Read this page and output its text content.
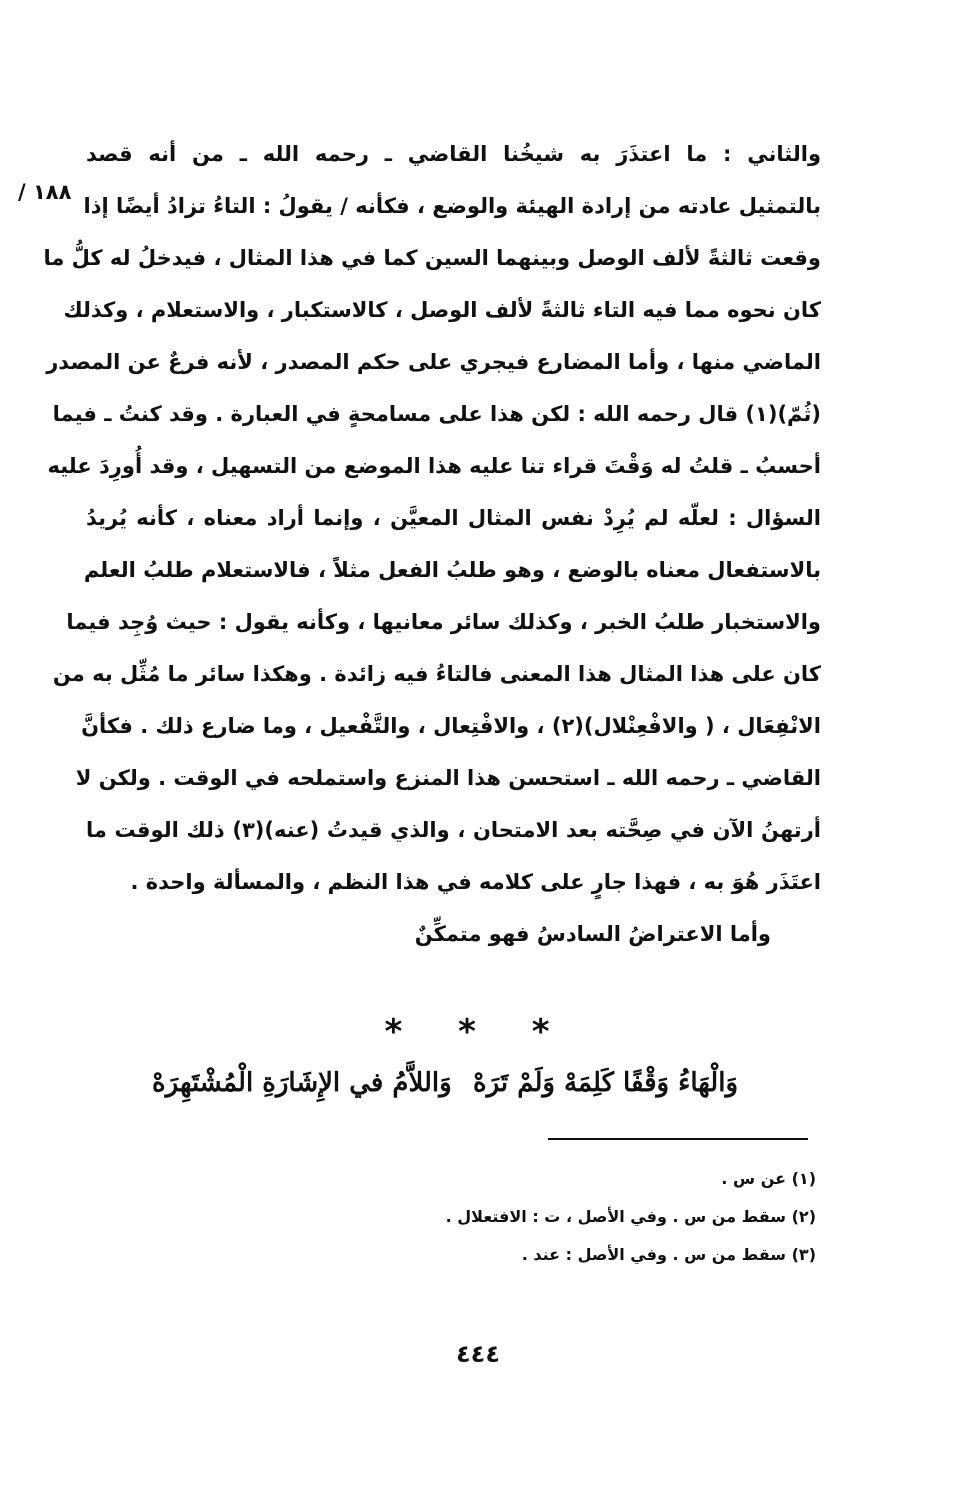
والثاني : ما اعتذَرَ به شيخُنا القاضي ـ رحمه الله ـ من أنه قصد
بالتمثيل عادته من إرادة الهيئة والوضع ، فكأنه / يقولُ : التاءُ تزادُ أيضًا إذا
وقعت ثالثةً لألف الوصل وبينهما السين كما في هذا المثال ، فيدخلُ له كلُّ ما
كان نحوه مما فيه التاء ثالثةً لألف الوصل ، كالاستكبار ، والاستعلام ، وكذلك
الماضي منها ، وأما المضارع فيجري على حكم المصدر ، لأنه فرعٌ عن المصدر
(ثُمّ)(١) قال رحمه الله : لكن هذا على مسامحةٍ في العبارة . وقد كنتُ ـ فيما
أحسبُ ـ قلتُ له وَقْتَ قراء تنا عليه هذا الموضع من التسهيل ، وقد أُورِدَ عليه
السؤال : لعلّه لم يُرِدْ نفس المثال المعيَّن ، وإنما أراد معناه ، كأنه يُريدُ
بالاستفعال معناه بالوضع ، وهو طلبُ الفعل مثلاً ، فالاستعلام طلبُ العلم
والاستخبار طلبُ الخبر ، وكذلك سائر معانيها ، وكأنه يقول : حيث وُجِد فيما
كان على هذا المثال هذا المعنى فالتاءُ فيه زائدة . وهكذا سائر ما مُثِّل به من
الانْفِعَال ، ( والافْعِنْلال)(٢) ، والافْتِعال ، والتَّفْعيل ، وما ضارع ذلك . فكأنَّ
القاضي ـ رحمه الله ـ استحسن هذا المنزع واستملحه في الوقت . ولكن لا
أرتهنُ الآن في صِحَّته بعد الامتحان ، والذي قيدتُ (عنه)(٣) ذلك الوقت ما
اعتَذَر هُوَ به ، فهذا جارٍ على كلامه في هذا النظم ، والمسألة واحدة .
وأما الاعتراضُ السادسُ فهو متمكِّنٌ
١٨٨ /
* * *
وَالْهَاءُ وَقْفًا كَلِمَهْ وَلَمْ تَرَهْ
وَاللاَّمُ في الإِشَارَةِ الْمُشْتَهِرَهْ
(١) عن س .
(٢) سقط من س . وفي الأصل ، ت : الافتعلال .
(٣) سقط من س . وفي الأصل : عند .
٤٤٤
